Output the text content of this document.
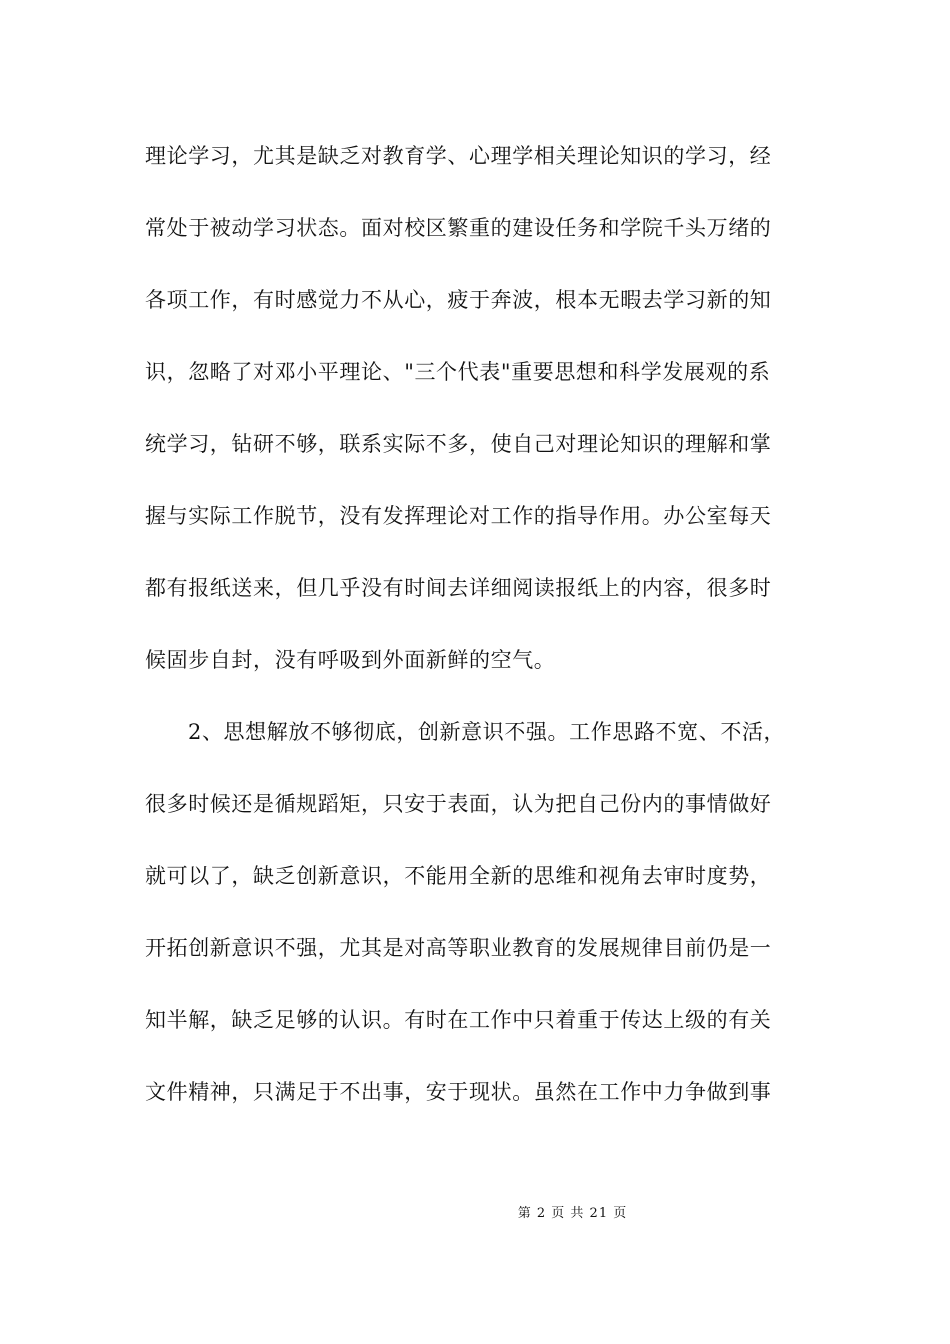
理论学习，尤其是缺乏对教育学、心理学相关理论知识的学习，经
常处于被动学习状态。面对校区繁重的建设任务和学院千头万绪的
各项工作，有时感觉力不从心，疲于奔波，根本无暇去学习新的知
识，忽略了对邓小平理论、"三个代表"重要思想和科学发展观的系
统学习，钻研不够，联系实际不多，使自己对理论知识的理解和掌
握与实际工作脱节，没有发挥理论对工作的指导作用。办公室每天
都有报纸送来，但几乎没有时间去详细阅读报纸上的内容，很多时
候固步自封，没有呼吸到外面新鲜的空气。
2、思想解放不够彻底，创新意识不强。工作思路不宽、不活，
很多时候还是循规蹈矩，只安于表面，认为把自己份内的事情做好
就可以了，缺乏创新意识，不能用全新的思维和视角去审时度势，
开拓创新意识不强，尤其是对高等职业教育的发展规律目前仍是一
知半解，缺乏足够的认识。有时在工作中只着重于传达上级的有关
文件精神，只满足于不出事，安于现状。虽然在工作中力争做到事
第 2 页 共 21 页
